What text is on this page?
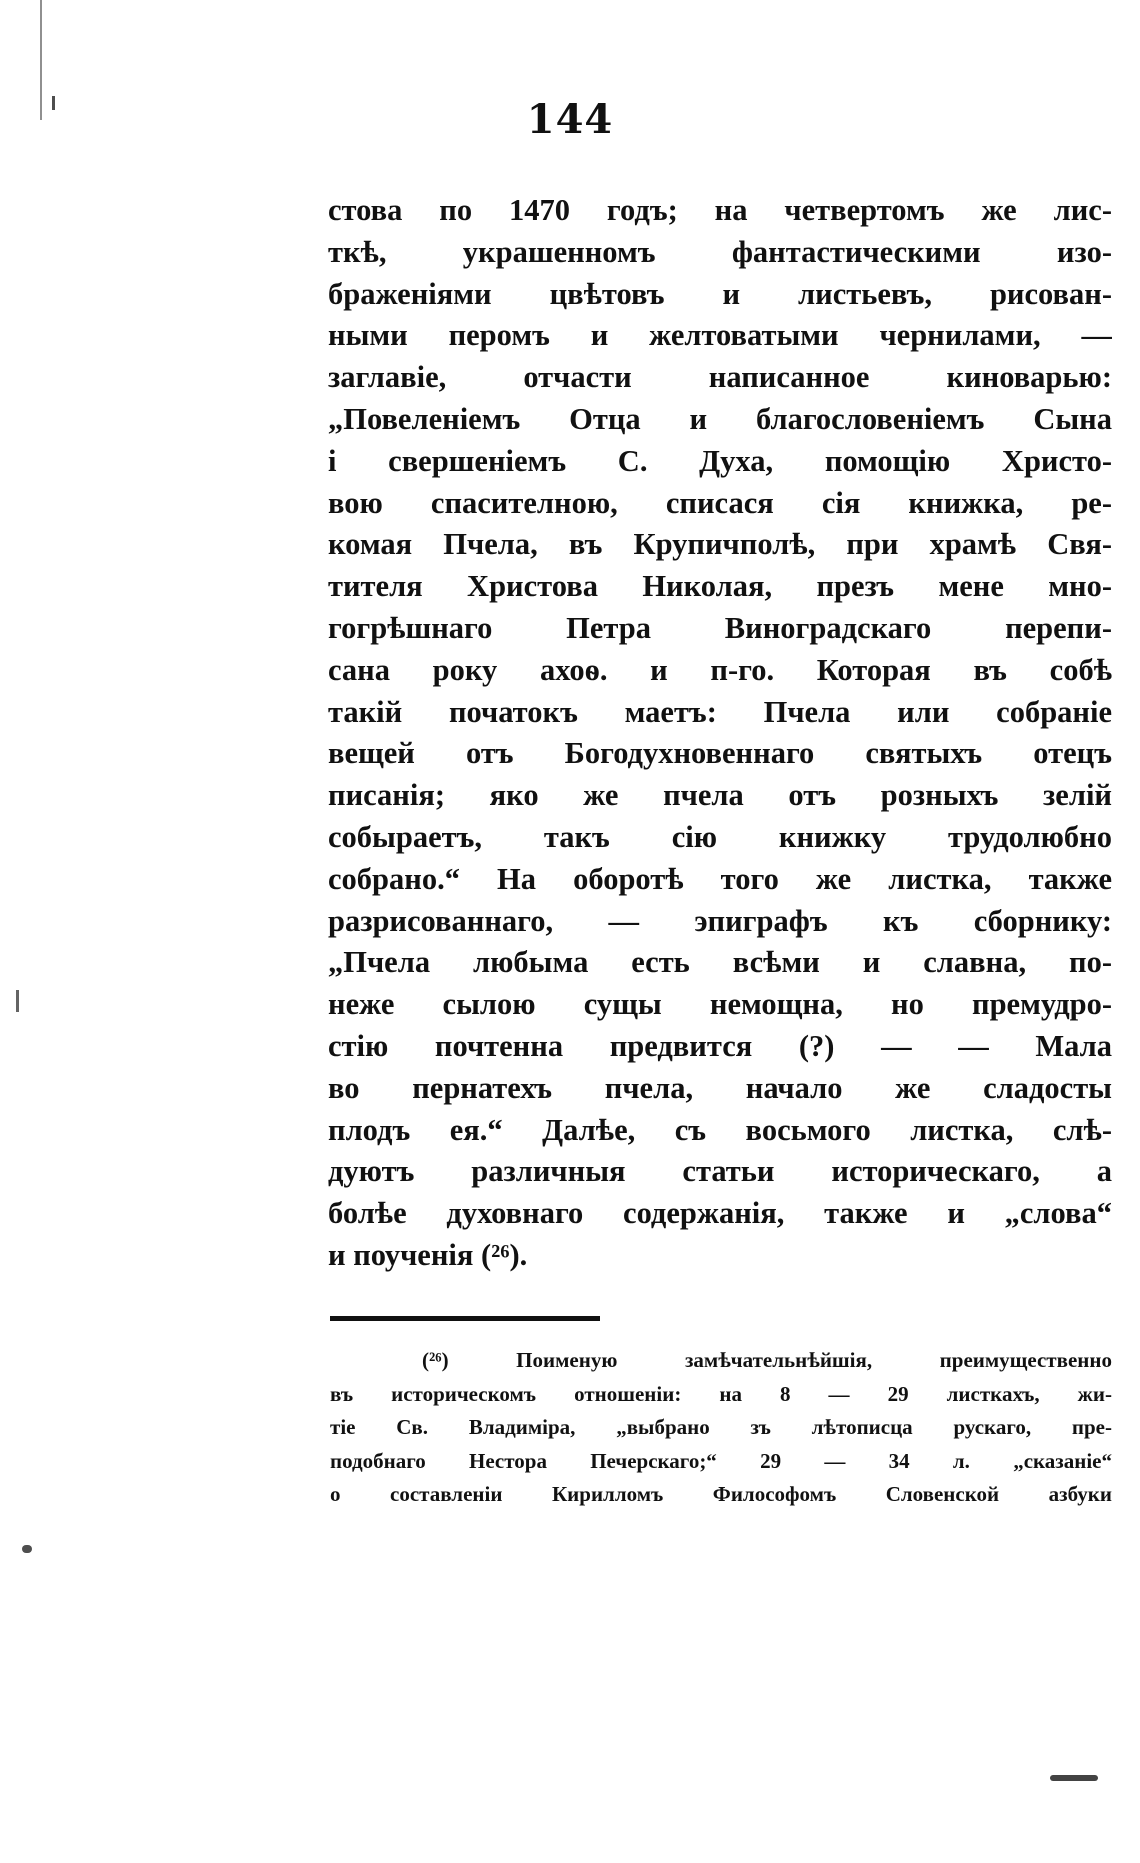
144
стова по 1470 годъ; на четвертомъ же лис-
ткѣ, украшенномъ фантастическими изо-
браженіями цвѣтовъ и листьевъ, рисован-
ными перомъ и желтоватыми чернилами, —
заглавіе, отчасти написанное киноварью:
„Повеленіемъ Отца и благословеніемъ Сына
і свершеніемъ С. Духа, помощію Христо-
вою спасителною, списася сія книжка, ре-
комая Пчела, въ Крупичполѣ, при храмѣ Свя-
тителя Христова Николая, презъ мене мно-
гогрѣшнаго Петра Виноградскаго перепи-
сана року ахоѳ. и п-го. Которая въ собѣ
такій початокъ маетъ: Пчела или собраніе
вещей отъ Богодухновеннаго святыхъ отецъ
писанія; яко же пчела отъ розныхъ зелій
собыраетъ, такъ сію книжку трудолюбно
собрано.“ На оборотѣ того же листка, также
разрисованнаго, — эпиграфъ къ сборнику:
„Пчела любыма есть всѣми и славна, по-
неже сылою сущы немощна, но премудро-
стію почтенна предвится (?) — — Мала
во пернатехъ пчела, начало же сладосты
плодъ ея.“ Далѣе, съ восьмого листка, слѣ-
дуютъ различныя статьи историческаго, а
болѣе духовнаго содержанія, также и „слова“
и поученія (²⁶).
(²⁶) Поименую замѣчательнѣйшія, преимущественно
въ историческомъ отношеніи: на 8 — 29 листкахъ, жи-
тіе Св. Владиміра, „выбрано зъ лѣтописца рускаго, пре-
подобнаго Нестора Печерскаго;“ 29 — 34 л. „сказаніе“
о составленіи Кирилломъ Философомъ Словенской азбуки
